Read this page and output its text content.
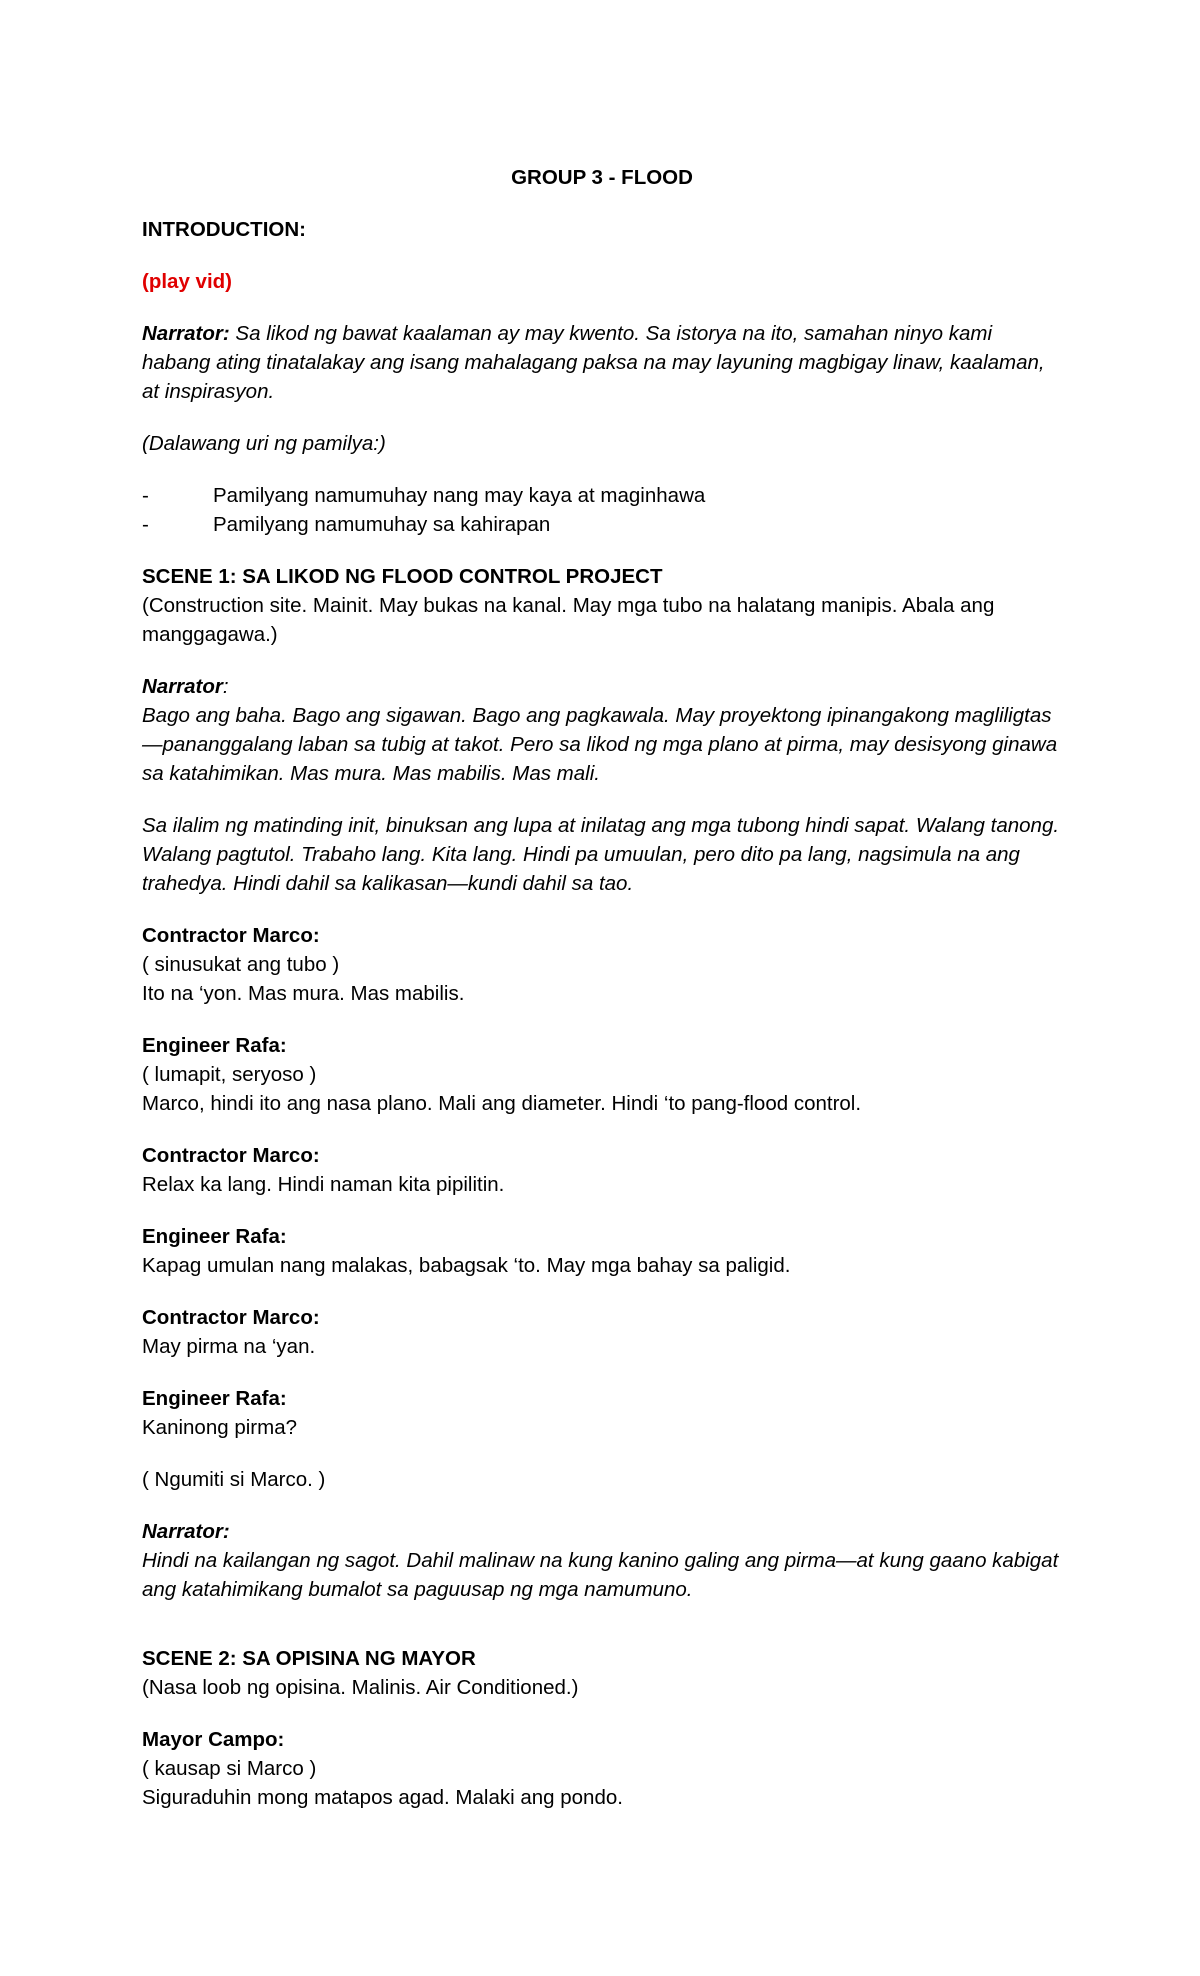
GROUP 3 - FLOOD

INTRODUCTION:

(play vid)

Narrator: Sa likod ng bawat kaalaman ay may kwento. Sa istorya na ito, samahan ninyo kami habang ating tinatalakay ang isang mahalagang paksa na may layuning magbigay linaw, kaalaman, at inspirasyon.

(Dalawang uri ng pamilya:)

-	Pamilyang namumuhay nang may kaya at maginhawa
-	Pamilyang namumuhay sa kahirapan
SCENE 1: SA LIKOD NG FLOOD CONTROL PROJECT
(Construction site. Mainit. May bukas na kanal. May mga tubo na halatang manipis. Abala ang manggagawa.)
Narrator:
Bago ang baha. Bago ang sigawan. Bago ang pagkawala. May proyektong ipinangakong magliligtas—pananggalang laban sa tubig at takot. Pero sa likod ng mga plano at pirma, may desisyong ginawa sa katahimikan. Mas mura. Mas mabilis. Mas mali.

Sa ilalim ng matinding init, binuksan ang lupa at inilatag ang mga tubong hindi sapat. Walang tanong. Walang pagtutol. Trabaho lang. Kita lang. Hindi pa umuulan, pero dito pa lang, nagsimula na ang trahedya. Hindi dahil sa kalikasan—kundi dahil sa tao.

Contractor Marco:
( sinusukat ang tubo )
Ito na ‘yon. Mas mura. Mas mabilis.
Engineer Rafa:
( lumapit, seryoso )
Marco, hindi ito ang nasa plano. Mali ang diameter. Hindi ‘to pang-flood control.
Contractor Marco:
Relax ka lang. Hindi naman kita pipilitin.
Engineer Rafa:
Kapag umulan nang malakas, babagsak ‘to. May mga bahay sa paligid.
Contractor Marco:
May pirma na ‘yan.
Engineer Rafa:
Kaninong pirma?

( Ngumiti si Marco. )

Narrator:
Hindi na kailangan ng sagot. Dahil malinaw na kung kanino galing ang pirma—at kung gaano kabigat ang katahimikang bumalot sa paguusap ng mga namumuno.
SCENE 2: SA OPISINA NG MAYOR
(Nasa loob ng opisina. Malinis. Air Conditioned.)
Mayor Campo:
( kausap si Marco )
Siguraduhin mong matapos agad. Malaki ang pondo.
